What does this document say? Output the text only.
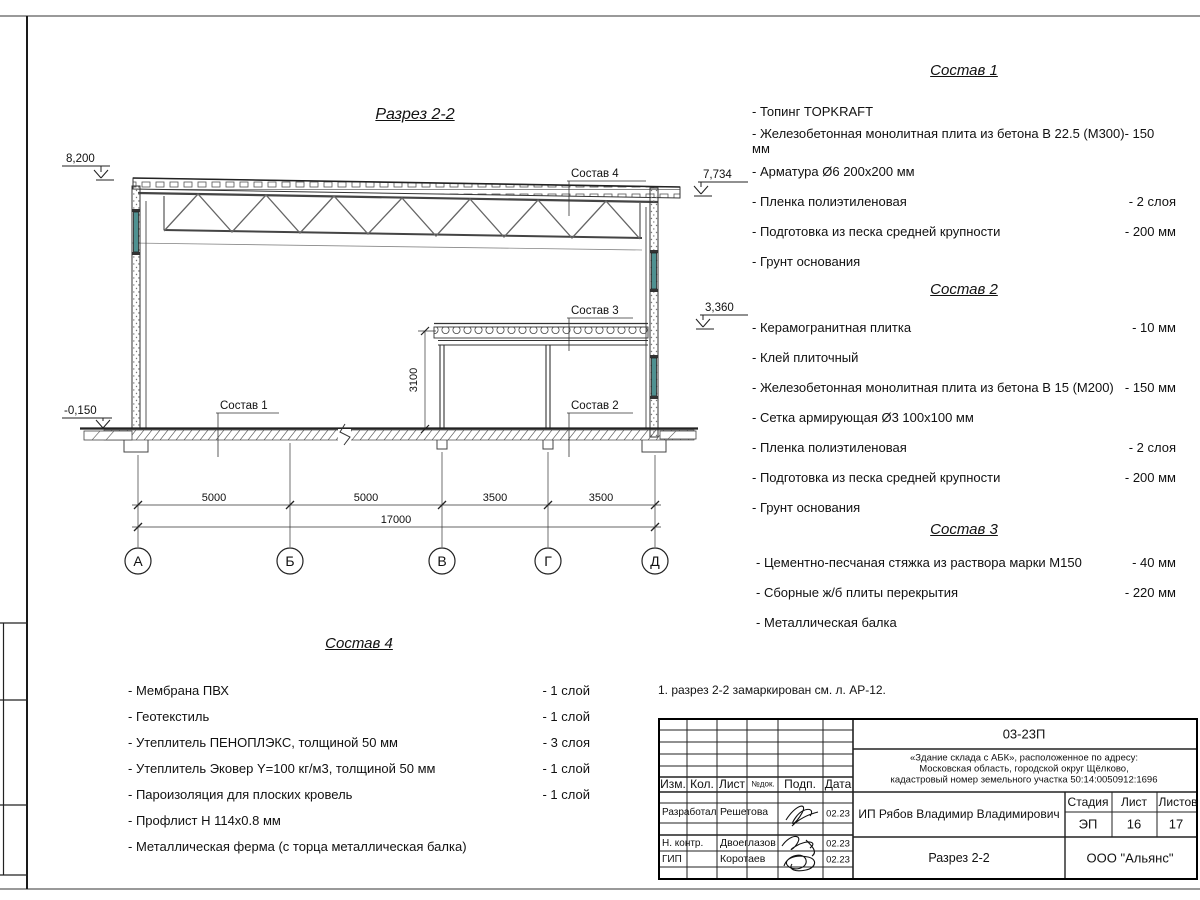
Разрез 2-2
8,200
7,734
3,360
-0,150
Состав 4
Состав 3
Состав 2
Состав 1
3100
5000	5000	3500	3500
17000
А	Б	В	Г	Д
Состав 1
- Топинг TOPKRAFT
- Железобетонная монолитная плита из бетона В 22.5 (М300)- 150 мм
- Арматура Ø6 200х200 мм
- Пленка полиэтиленовая	- 2 слоя
- Подготовка из песка средней крупности	- 200 мм
- Грунт основания
Состав 2
- Керамогранитная плитка	- 10 мм
- Клей плиточный
- Железобетонная монолитная плита из бетона В 15 (М200) - 150 мм
- Сетка армирующая Ø3 100х100 мм
- Пленка полиэтиленовая	- 2 слоя
- Подготовка из песка средней крупности	- 200 мм
- Грунт основания
Состав 3
- Цементно-песчаная стяжка из раствора марки М150	- 40 мм
- Сборные ж/б плиты перекрытия	- 220 мм
- Металлическая балка
Состав 4
- Мембрана ПВХ	- 1 слой
- Геотекстиль	- 1 слой
- Утеплитель ПЕНОПЛЭКС, толщиной 50 мм	- 3 слоя
- Утеплитель Эковер Y=100 кг/м3, толщиной 50 мм	- 1 слой
- Пароизоляция для плоских кровель	- 1 слой
- Профлист Н 114х0.8 мм
- Металлическая ферма (с торца металлическая балка)
1. разрез 2-2 замаркирован см. л. АР-12.
Изм. Кол. Лист №док. Подп. Дата
Разработал Решетова	02.23
Н. контр. Двоеглазов	02.23
ГИП	Коротаев	02.23
03-23П
«Здание склада с АБК», расположенное по адресу:
Московская область, городской округ Щёлково,
кадастровый номер земельного участка 50:14:0050912:1696
ИП Рябов Владимир Владимирович
Стадия Лист Листов
ЭП 16 17
Разрез 2-2	ООО "Альянс"
